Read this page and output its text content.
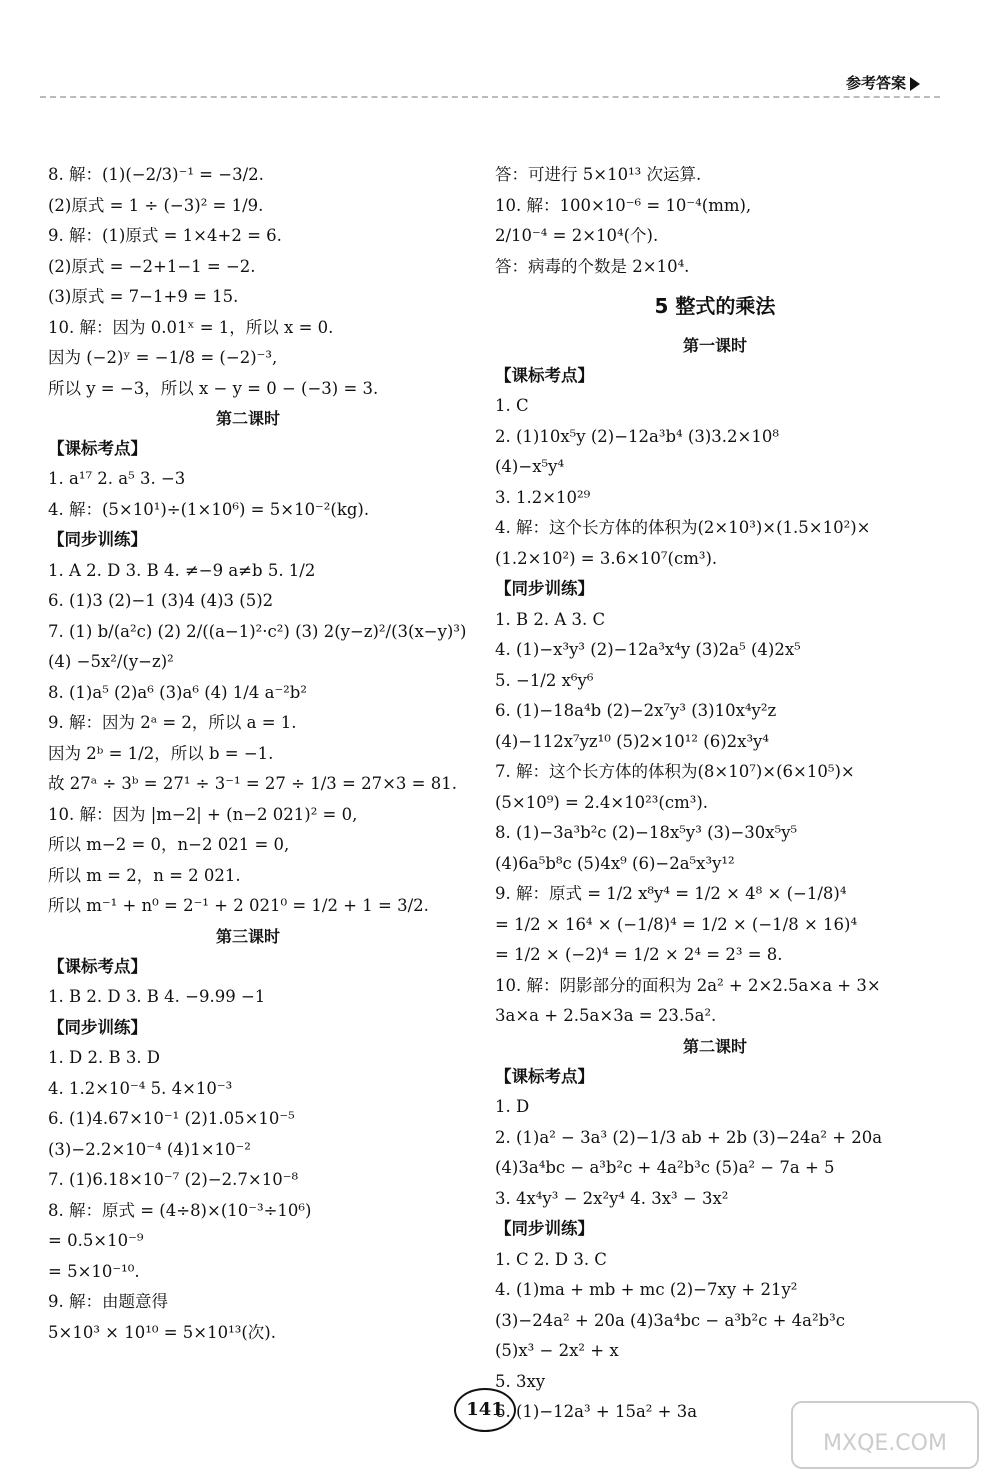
参考答案
8. 解：(1)(−2/3)⁻¹ = −3/2.
(2)原式 = 1 ÷ (−3)² = 1/9.
9. 解：(1)原式 = 1×4+2 = 6.
(2)原式 = −2+1−1 = −2.
(3)原式 = 7−1+9 = 15.
10. 解：因为 0.01ˣ = 1，所以 x = 0.
因为 (−2)ʸ = −1/8 = (−2)⁻³,
所以 y = −3，所以 x − y = 0 − (−3) = 3.
第二课时
【课标考点】
1. a¹⁷ 2. a⁵ 3. −3
4. 解：(5×10¹)÷(1×10⁶) = 5×10⁻²(kg).
【同步训练】
1. A 2. D 3. B 4. ≠−9 a≠b 5. 1/2
6. (1)3 (2)−1 (3)4 (4)3 (5)2
7. (1) b/(a²c) (2) 2/((a−1)²·c²) (3) 2(y−z)²/(3(x−y)³)
(4) −5x²/(y−z)²
8. (1)a⁵ (2)a⁶ (3)a⁶ (4) 1/4 a⁻²b²
9. 解：因为 2ᵃ = 2，所以 a = 1.
因为 2ᵇ = 1/2，所以 b = −1.
故 27ᵃ ÷ 3ᵇ = 27¹ ÷ 3⁻¹ = 27 ÷ 1/3 = 27×3 = 81.
10. 解：因为 |m−2| + (n−2 021)² = 0,
所以 m−2 = 0，n−2 021 = 0,
所以 m = 2，n = 2 021.
所以 m⁻¹ + n⁰ = 2⁻¹ + 2 021⁰ = 1/2 + 1 = 3/2.
第三课时
【课标考点】
1. B 2. D 3. B 4. −9.99 −1
【同步训练】
1. D 2. B 3. D
4. 1.2×10⁻⁴ 5. 4×10⁻³
6. (1)4.67×10⁻¹ (2)1.05×10⁻⁵
(3)−2.2×10⁻⁴ (4)1×10⁻²
7. (1)6.18×10⁻⁷ (2)−2.7×10⁻⁸
8. 解：原式 = (4÷8)×(10⁻³÷10⁶)
= 0.5×10⁻⁹
= 5×10⁻¹⁰.
9. 解：由题意得
5×10³ × 10¹⁰ = 5×10¹³(次).
答：可进行 5×10¹³ 次运算.
10. 解：100×10⁻⁶ = 10⁻⁴(mm),
2/10⁻⁴ = 2×10⁴(个).
答：病毒的个数是 2×10⁴.
5 整式的乘法
第一课时
【课标考点】
1. C
2. (1)10x⁵y (2)−12a³b⁴ (3)3.2×10⁸
(4)−x⁵y⁴
3. 1.2×10²⁹
4. 解：这个长方体的体积为(2×10³)×(1.5×10²)×
(1.2×10²) = 3.6×10⁷(cm³).
【同步训练】
1. B 2. A 3. C
4. (1)−x³y³ (2)−12a³x⁴y (3)2a⁵ (4)2x⁵
5. −1/2 x⁶y⁶
6. (1)−18a⁴b (2)−2x⁷y³ (3)10x⁴y²z
(4)−112x⁷yz¹⁰ (5)2×10¹² (6)2x³y⁴
7. 解：这个长方体的体积为(8×10⁷)×(6×10⁵)×
(5×10⁹) = 2.4×10²³(cm³).
8. (1)−3a³b²c (2)−18x⁵y³ (3)−30x⁵y⁵
(4)6a⁵b⁸c (5)4x⁹ (6)−2a⁵x³y¹²
9. 解：原式 = 1/2 x⁸y⁴ = 1/2 × 4⁸ × (−1/8)⁴
= 1/2 × 16⁴ × (−1/8)⁴ = 1/2 × (−1/8 × 16)⁴
= 1/2 × (−2)⁴ = 1/2 × 2⁴ = 2³ = 8.
10. 解：阴影部分的面积为 2a² + 2×2.5a×a + 3×
3a×a + 2.5a×3a = 23.5a².
第二课时
【课标考点】
1. D
2. (1)a² − 3a³ (2)−1/3 ab + 2b (3)−24a² + 20a
(4)3a⁴bc − a³b²c + 4a²b³c (5)a² − 7a + 5
3. 4x⁴y³ − 2x²y⁴ 4. 3x³ − 3x²
【同步训练】
1. C 2. D 3. C
4. (1)ma + mb + mc (2)−7xy + 21y²
(3)−24a² + 20a (4)3a⁴bc − a³b²c + 4a²b³c
(5)x³ − 2x² + x
5. 3xy
6. (1)−12a³ + 15a² + 3a
141
MXQE.COM
